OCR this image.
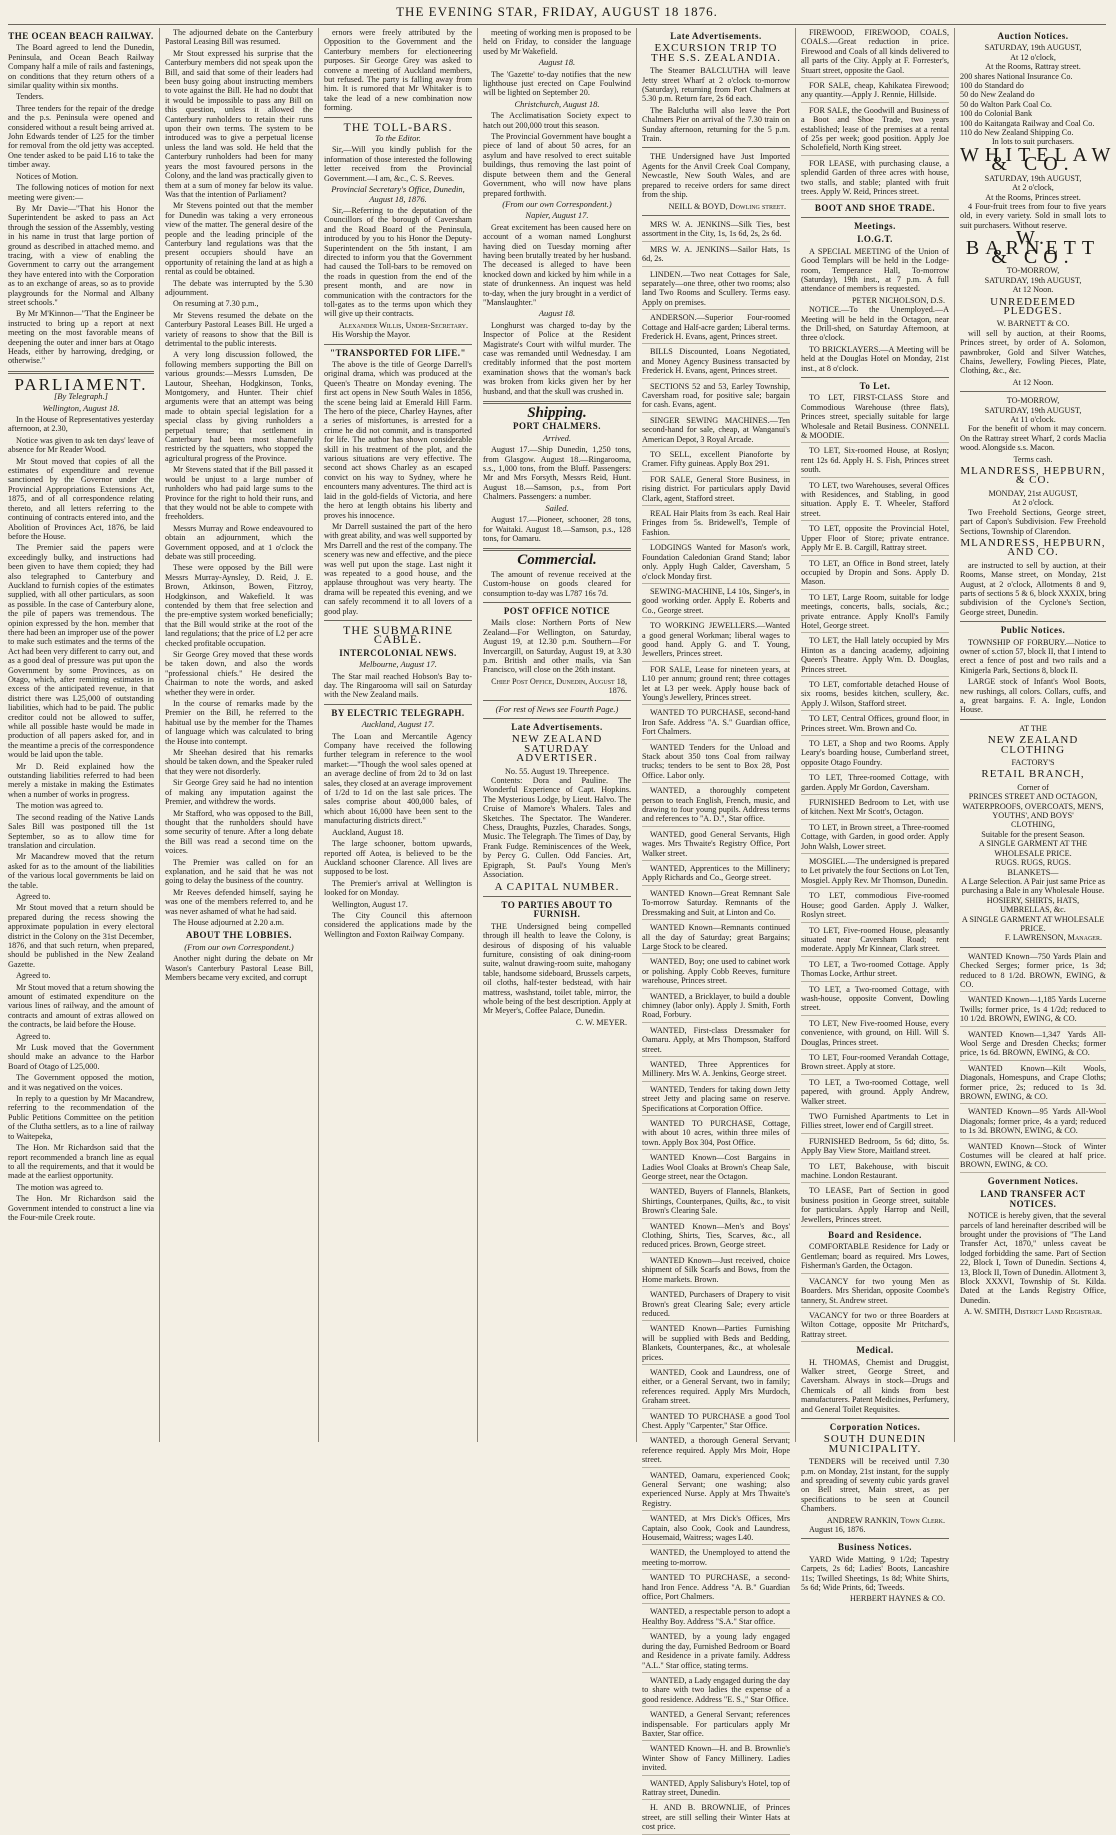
THE EVENING STAR, FRIDAY, AUGUST 18 1876.
THE OCEAN BEACH RAILWAY.

The Board agreed to lend the Dunedin, Peninsula, and Ocean Beach Railway Company half a mile of rails and fastenings, on conditions that they return others of a similar quality within six months.

Tenders.

Three tenders for the repair of the dredge and the p.s. Peninsula were opened and considered without a result being arrived at. John Edwards tender of L25 for the timber for removal from the old jetty was accepted. One tender asked to be paid L16 to take the timber away.

Notices of Motion.

The following notices of motion for next meeting were given:—

By Mr Davie—"That his Honor the Superintendent be asked to pass an Act through the session of the Assembly, vesting in his name in trust that large portion of ground as described in attached memo. and tracing, with a view of enabling the Government to carry out the arrangement they have entered into with the Corporation as to an exchange of areas, so as to provide playgrounds for the Normal and Albany street schools."

By Mr M'Kinnon—"That the Engineer be instructed to bring up a report at next meeting on the most favorable means of deepening the outer and inner bars at Otago Heads, either by harrowing, dredging, or otherwise."

PARLIAMENT.
[By Telegraph.]
Wellington, August 18.

In the House of Representatives yesterday afternoon, at 2.30,

Notice was given to ask ten days' leave of absence for Mr Reader Wood.

Mr Stout moved that copies of all the estimates of expenditure and revenue sanctioned by the Governor under the Provincial Appropriations Extensions Act, 1875, and of all correspondence relating thereto, and all letters referring to the continuing of contracts entered into, and the Abolition of Provinces Act, 1876, be laid before the House.

The Premier said the papers were exceedingly bulky, and instructions had been given to have them copied; they had also telegraphed to Canterbury and Auckland to furnish copies of the estimates supplied, with all other particulars, as soon as possible. In the case of Canterbury alone, the pile of papers was tremendous. The opinion expressed by the hon. member that there had been an improper use of the power to make such estimates and the terms of the Act had been very different to carry out, and as a good deal of pressure was put upon the Government by some Provinces, as on Otago, which, after remitting estimates in excess of the anticipated revenue, in that district there was L25,000 of outstanding liabilities, which had to be paid. The public creditor could not be allowed to suffer, while all possible haste would be made in production of all papers asked for, and in the meantime a precis of the correspondence would be laid upon the table.

Mr D. Reid explained how the outstanding liabilities referred to had been merely a mistake in making the Estimates when a number of works in progress.

The motion was agreed to.

The second reading of the Native Lands Sales Bill was postponed till the 1st September, so as to allow time for translation and circulation.

Mr Macandrew moved that the return asked for as to the amount of the liabilities of the various local governments be laid on the table.

Agreed to.

Mr Stout moved that a return should be prepared during the recess showing the approximate population in every electoral district in the Colony on the 31st December, 1876, and that such return, when prepared, should be published in the New Zealand Gazette.

Agreed to.

Mr Stout moved that a return showing the amount of estimated expenditure on the various lines of railway, and the amount of contracts and amount of extras allowed on the contracts, be laid before the House.

Agreed to.

Mr Lusk moved that the Government should make an advance to the Harbor Board of Otago of L25,000.

The Government opposed the motion, and it was negatived on the voices.

In reply to a question by Mr Macandrew, referring to the recommendation of the Public Petitions Committee on the petition of the Clutha settlers, as to a line of railway to Waitepeka,

The Hon. Mr Richardson said that the report recommended a branch line as equal to all the requirements, and that it would be made at the earliest opportunity.

The motion was agreed to.

The Hon. Mr Richardson said the Government intended to construct a line via the Four-mile Creek route.

The adjourned debate on the Canterbury Pastoral Leasing Bill was resumed.

Mr Stout expressed his surprise that the Canterbury members did not speak upon the Bill, and said that some of their leaders had been busy going about instructing members to vote against the Bill. He had no doubt that it would be impossible to pass any Bill on this question, unless it allowed the Canterbury runholders to retain their runs upon their own terms. The system to be introduced was to give a perpetual license unless the land was sold. He held that the Canterbury runholders had been for many years the most favoured persons in the Colony, and the land was practically given to them at a sum of money far below its value. Was that the intention of Parliament?

Mr Stevens pointed out that the member for Dunedin was taking a very erroneous view of the matter. The general desire of the people and the leading principle of the Canterbury land regulations was that the present occupiers should have an opportunity of retaining the land at as high a rental as could be obtained.

The debate was interrupted by the 5.30 adjournment.

On resuming at 7.30 p.m.,

Mr Stevens resumed the debate on the Canterbury Pastoral Leases Bill. He urged a variety of reasons to show that the Bill is detrimental to the public interests.

A very long discussion followed, the following members supporting the Bill on various grounds:—Messrs Lumsden, De Lautour, Sheehan, Hodgkinson, Tonks, Montgomery, and Hunter. Their chief arguments were that an attempt was being made to obtain special legislation for a special class by giving runholders a perpetual tenure; that settlement in Canterbury had been most shamefully restricted by the squatters, who stopped the agricultural progress of the Province.

Mr Stevens stated that if the Bill passed it would be unjust to a large number of runholders who had paid large sums to the Province for the right to hold their runs, and that they would not be able to compete with freeholders.

Messrs Murray and Rowe endeavoured to obtain an adjournment, which the Government opposed, and at 1 o'clock the debate was still proceeding.

These were opposed by the Bill were Messrs Murray-Aynsley, D. Reid, J. E. Brown, Atkinson, Bowen, Fitzroy, Hodgkinson, and Wakefield. It was contended by them that free selection and the pre-emptive system worked beneficially; that the Bill would strike at the root of the land regulations; that the price of L2 per acre checked profitable occupation.

Sir George Grey moved that these words be taken down, and also the words "professional chiefs." He desired the Chairman to note the words, and asked whether they were in order.

In the course of remarks made by the Premier on the Bill, he referred to the habitual use by the member for the Thames of language which was calculated to bring the House into contempt.

Mr Sheehan desired that his remarks should be taken down, and the Speaker ruled that they were not disorderly.

Sir George Grey said he had no intention of making any imputation against the Premier, and withdrew the words.

Mr Stafford, who was opposed to the Bill, thought that the runholders should have some security of tenure. After a long debate the Bill was read a second time on the voices.

The Premier was called on for an explanation, and he said that he was not going to delay the business of the country.

Mr Reeves defended himself, saying he was one of the members referred to, and he was never ashamed of what he had said.

The House adjourned at 2.20 a.m.

ABOUT THE LOBBIES.
(From our own Correspondent.)

Another night during the debate on Mr Wason's Canterbury Pastoral Lease Bill, Members became very excited, and corrupt

ernors were freely attributed by the Opposition to the Government and the Canterbury members for electioneering purposes. Sir George Grey was asked to convene a meeting of Auckland members, but refused. The party is falling away from him. It is rumored that Mr Whitaker is to take the lead of a new combination now forming.

THE TOLL-BARS.
To the Editor.

Sir,—Will you kindly publish for the information of those interested the following letter received from the Provincial Government.—I am, &c., C. S. Reeves.

Provincial Secretary's Office, Dunedin, August 18, 1876.

Sir,—Referring to the deputation of the Councillors of the borough of Caversham and the Road Board of the Peninsula, introduced by you to his Honor the Deputy-Superintendent on the 5th instant, I am directed to inform you that the Government had caused the Toll-bars to be removed on the roads in question from the end of the present month, and are now in communication with the contractors for the toll-gates as to the terms upon which they will give up their contracts.

Alexander Willis, Under-Secretary.

His Worship the Mayor.

"TRANSPORTED FOR LIFE."

The above is the title of George Darrell's original drama, which was produced at the Queen's Theatre on Monday evening. The first act opens in New South Wales in 1856, the scene being laid at Emerald Hill Farm. The hero of the piece, Charley Haynes, after a series of misfortunes, is arrested for a crime he did not commit, and is transported for life. The author has shown considerable skill in his treatment of the plot, and the various situations are very effective. The second act shows Charley as an escaped convict on his way to Sydney, where he encounters many adventures. The third act is laid in the gold-fields of Victoria, and here the hero at length obtains his liberty and proves his innocence.

Mr Darrell sustained the part of the hero with great ability, and was well supported by Mrs Darrell and the rest of the company. The scenery was new and effective, and the piece was well put upon the stage. Last night it was repeated to a good house, and the applause throughout was very hearty. The drama will be repeated this evening, and we can safely recommend it to all lovers of a good play.

THE SUBMARINE CABLE.
INTERCOLONIAL NEWS.
Melbourne, August 17.

The Star mail reached Hobson's Bay to-day. The Ringarooma will sail on Saturday with the New Zealand mails.

BY ELECTRIC TELEGRAPH.
Auckland, August 17.

The Loan and Mercantile Agency Company have received the following further telegram in reference to the wool market:—"Though the wool sales opened at an average decline of from 2d to 3d on last sales, they closed at an average improvement of 1/2d to 1d on the last sale prices. The sales comprise about 400,000 bales, of which about 16,000 have been sent to the manufacturing districts direct."

Auckland, August 18.

The large schooner, bottom upwards, reported off Aotea, is believed to be the Auckland schooner Clarence. All lives are supposed to be lost.

The Premier's arrival at Wellington is looked for on Monday.

Wellington, August 17.

The City Council this afternoon considered the applications made by the Wellington and Foxton Railway Company.

meeting of working men is proposed to be held on Friday, to consider the language used by Mr Wakefield.

August 18.

The 'Gazette' to-day notifies that the new lighthouse just erected on Cape Foulwind will be lighted on September 20.

Christchurch, August 18.

The Acclimatisation Society expect to hatch out 200,000 trout this season.

The Provincial Government have bought a piece of land of about 50 acres, for an asylum and have resolved to erect suitable buildings, thus removing the last point of dispute between them and the General Government, who will now have plans prepared forthwith.

(From our own Correspondent.)
Napier, August 17.

Great excitement has been caused here on account of a woman named Longhurst having died on Tuesday morning after having been brutally treated by her husband. The deceased is alleged to have been knocked down and kicked by him while in a state of drunkenness. An inquest was held to-day, when the jury brought in a verdict of "Manslaughter."

August 18.

Longhurst was charged to-day by the Inspector of Police at the Resident Magistrate's Court with wilful murder. The case was remanded until Wednesday. I am creditably informed that the post mortem examination shows that the woman's back was broken from kicks given her by her husband, and that the skull was crushed in.

Shipping.
PORT CHALMERS.
Arrived.

August 17.—Ship Dunedin, 1,250 tons, from Glasgow. August 18.—Ringarooma, s.s., 1,000 tons, from the Bluff. Passengers: Mr and Mrs Forsyth, Messrs Reid, Hunt. August 18.—Samson, p.s., from Port Chalmers. Passengers: a number.

Sailed.

August 17.—Pioneer, schooner, 28 tons, for Waitaki. August 18.—Samson, p.s., 128 tons, for Oamaru.

Commercial.

The amount of revenue received at the Custom-house on goods cleared for consumption to-day was L787 16s 7d.

POST OFFICE NOTICE

Mails close: Northern Ports of New Zealand—For Wellington, on Saturday, August 19, at 12.30 p.m. Southern—For Invercargill, on Saturday, August 19, at 3.30 p.m. British and other mails, via San Francisco, will close on the 26th instant.

Chief Post Office, Dunedin, August 18, 1876.
(For rest of News see Fourth Page.)
Late Advertisements.
NEW ZEALAND SATURDAY ADVERTISER.
No. 55. August 19. Threepence.

Contents: Dora and Pauline. The Wonderful Experience of Capt. Hopkins. The Mysterious Lodge, by Lieut. Halvo. The Cruise of Mamore's Whalers. Tales and Sketches. The Spectator. The Wanderer. Chess, Draughts, Puzzles, Charades. Songs, Music. The Telegraph. The Times of Day, by Frank Fudge. Reminiscences of the Week, by Percy G. Cullen. Odd Fancies. Art, Epigraph, St. Paul's Young Men's Association.

A CAPITAL NUMBER.
TO PARTIES ABOUT TO FURNISH.

THE Undersigned being compelled through ill health to leave the Colony, is desirous of disposing of his valuable furniture, consisting of oak dining-room suite, walnut drawing-room suite, mahogany table, handsome sideboard, Brussels carpets, oil cloths, half-tester bedstead, with hair mattress, washstand, toilet table, mirror, the whole being of the best description. Apply at Mr Meyer's, Coffee Palace, Dunedin.

C. W. MEYER.
Late Advertisements.
EXCURSION TRIP TO THE S.S. ZEALANDIA.

The Steamer BALCLUTHA will leave Jetty street Wharf at 2 o'clock to-morrow (Saturday), returning from Port Chalmers at 5.30 p.m. Return fare, 2s 6d each.

The Balclutha will also leave the Port Chalmers Pier on arrival of the 7.30 train on Sunday afternoon, returning for the 5 p.m. Train.

THE Undersigned have Just Imported Agents for the Anvil Creek Coal Company, Newcastle, New South Wales, and are prepared to receive orders for same direct from the ship.

NEILL & BOYD, Dowling street.

MRS W. A. JENKINS—Silk Ties, best assortment in the City, 1s, 1s 6d, 2s, 2s 6d.

MRS W. A. JENKINS—Sailor Hats, 1s 6d, 2s.

LINDEN.—Two neat Cottages for Sale, separately—one three, other two rooms; also land Two Rooms and Scullery. Terms easy. Apply on premises.

ANDERSON.—Superior Four-roomed Cottage and Half-acre garden; Liberal terms. Frederick H. Evans, agent, Princes street.

BILLS Discounted, Loans Negotiated, and Money Agency Business transacted by Frederick H. Evans, agent, Princes street.

SECTIONS 52 and 53, Earley Township, Caversham road, for positive sale; bargain for cash. Evans, agent.

SINGER SEWING MACHINES.—Ten second-hand for sale, cheap, at Wanganui's American Depot, 3 Royal Arcade.

TO SELL, excellent Pianoforte by Cramer. Fifty guineas. Apply Box 291.

FOR SALE, General Store Business, in rising district. For particulars apply David Clark, agent, Stafford street.

REAL Hair Plaits from 3s each. Real Hair Fringes from 5s. Bridewell's, Temple of Fashion.

LODGINGS Wanted for Mason's work, Foundation Caledonian Grand Stand; labor only. Apply Hugh Calder, Caversham, 5 o'clock Monday first.

SEWING-MACHINE, L4 10s, Singer's, in good working order. Apply E. Roberts and Co., George street.

TO WORKING JEWELLERS.—Wanted a good general Workman; liberal wages to good hand. Apply G. and T. Young, Jewellers, Princes street.

FOR SALE, Lease for nineteen years, at L10 per annum; ground rent; three cottages let at L3 per week. Apply house back of Young's Jewellery, Princes street.

WANTED TO PURCHASE, second-hand Iron Safe. Address "A. S." Guardian office, Fort Chalmers.

WANTED Tenders for the Unload and Stack about 350 tons Coal from railway trucks; tenders to be sent to Box 28, Post Office. Labor only.

WANTED, a thoroughly competent person to teach English, French, music, and drawing to four young pupils. Address terms and references to "A. D.", Star office.

WANTED, good General Servants, High wages. Mrs Thwaite's Registry Office, Port Walker street.

WANTED, Apprentices to the Millinery; Apply Richards and Co., George street.

WANTED Known—Great Remnant Sale To-morrow Saturday. Remnants of the Dressmaking and Suit, at Linton and Co.

WANTED Known—Remnants continued all the day of Saturday; great Bargains; Large Stock to be cleared.

WANTED, Boy; one used to cabinet work or polishing. Apply Cobb Reeves, furniture warehouse, Princes street.

WANTED, a Bricklayer, to build a double chimney (labor only). Apply J. Smith, Forth Road, Forbury.

WANTED, First-class Dressmaker for Oamaru. Apply, at Mrs Thompson, Stafford street.

WANTED, Three Apprentices for Millinery. Mrs W. A. Jenkins, George street.

WANTED, Tenders for taking down Jetty street Jetty and placing same on reserve. Specifications at Corporation Office.

WANTED TO PURCHASE, Cottage, with about 10 acres, within three miles of town. Apply Box 304, Post Office.

WANTED Known—Cost Bargains in Ladies Wool Cloaks at Brown's Cheap Sale, George street, near the Octagon.

WANTED, Buyers of Flannels, Blankets, Shirtings, Counterpanes, Quilts, &c., to visit Brown's Clearing Sale.

WANTED Known—Men's and Boys' Clothing, Shirts, Ties, Scarves, &c., all reduced prices. Brown, George street.

WANTED Known—Just received, choice shipment of Silk Scarfs and Bows, from the Home markets. Brown.

WANTED, Purchasers of Drapery to visit Brown's great Clearing Sale; every article reduced.

WANTED Known—Parties Furnishing will be supplied with Beds and Bedding, Blankets, Counterpanes, &c., at wholesale prices.

WANTED, Cook and Laundress, one of either, or a General Servant, two in family; references required. Apply Mrs Murdoch, Graham street.

WANTED TO PURCHASE a good Tool Chest. Apply "Carpenter," Star Office.

WANTED, a thorough General Servant; reference required. Apply Mrs Moir, Hope street.

WANTED, Oamaru, experienced Cook; General Servant; one washing; also experienced Nurse. Apply at Mrs Thwaite's Registry.

WANTED, at Mrs Dick's Offices, Mrs Captain, also Cook, Cook and Laundress, Housemaid, Waitress; wages L40.

WANTED, the Unemployed to attend the meeting to-morrow.

WANTED TO PURCHASE, a second-hand Iron Fence. Address "A. B." Guardian office, Port Chalmers.

WANTED, a respectable person to adopt a Healthy Boy. Address "S.A." Star office.

WANTED, by a young lady engaged during the day, Furnished Bedroom or Board and Residence in a private family. Address "A.L." Star office, stating terms.

WANTED, a Lady engaged during the day to share with two ladies the expense of a good residence. Address "E. S.," Star Office.

WANTED, a General Servant; references indispensable. For particulars apply Mr Baxter, Star office.

WANTED Known—H. and B. Brownlie's Winter Show of Fancy Millinery. Ladies invited.

WANTED, Apply Salisbury's Hotel, top of Rattray street, Dunedin.

H. AND B. BROWNLIE, of Princes street, are still selling their Winter Hats at cost price.

FIREWOOD, FIREWOOD, COALS, COALS.—Great reduction in price. Firewood and Coals of all kinds delivered to all parts of the City. Apply at F. Forrester's, Stuart street, opposite the Gaol.

FOR SALE, cheap, Kahikatea Firewood; any quantity.—Apply J. Rennie, Hillside.

FOR SALE, the Goodwill and Business of a Boot and Shoe Trade, two years established; lease of the premises at a rental of 25s per week; good position. Apply Joe Scholefield, North King street.

FOR LEASE, with purchasing clause, a splendid Garden of three acres with house, two stalls, and stable; planted with fruit trees. Apply W. Reid, Princes street.

BOOT AND SHOE TRADE.
Meetings.
I.O.G.T.

A SPECIAL MEETING of the Union of Good Templars will be held in the Lodge-room, Temperance Hall, To-morrow (Saturday), 19th inst., at 7 p.m. A full attendance of members is requested.

PETER NICHOLSON, D.S.

NOTICE.—To the Unemployed.—A Meeting will be held in the Octagon, near the Drill-shed, on Saturday Afternoon, at three o'clock.

TO BRICKLAYERS.—A Meeting will be held at the Douglas Hotel on Monday, 21st inst., at 8 o'clock.

To Let.

TO LET, FIRST-CLASS Store and Commodious Warehouse (three flats), Princes street, specially suitable for large Wholesale and Retail Business. CONNELL & MOODIE.

TO LET, Six-roomed House, at Roslyn; rent 12s 6d. Apply H. S. Fish, Princes street south.

TO LET, two Warehouses, several Offices with Residences, and Stabling, in good situation. Apply E. T. Wheeler, Stafford street.

TO LET, opposite the Provincial Hotel, Upper Floor of Store; private entrance. Apply Mr E. B. Cargill, Rattray street.

TO LET, an Office in Bond street, lately occupied by Dropin and Sons. Apply D. Mason.

TO LET, Large Room, suitable for lodge meetings, concerts, balls, socials, &c.; private entrance. Apply Knoll's Family Hotel, George street.

TO LET, the Hall lately occupied by Mrs Hinton as a dancing academy, adjoining Queen's Theatre. Apply Wm. D. Douglas, Princes street.

TO LET, comfortable detached House of six rooms, besides kitchen, scullery, &c. Apply J. Wilson, Stafford street.

TO LET, Central Offices, ground floor, in Princes street. Wm. Brown and Co.

TO LET, a Shop and two Rooms. Apply Leary's boarding house, Cumberland street, opposite Otago Foundry.

TO LET, Three-roomed Cottage, with garden. Apply Mr Gordon, Caversham.

FURNISHED Bedroom to Let, with use of kitchen. Next Mr Scott's, Octagon.

TO LET, in Brown street, a Three-roomed Cottage, with Garden, in good order. Apply John Walsh, Lower street.

MOSGIEL.—The undersigned is prepared to Let privately the four Sections on Lot Ten, Mosgiel. Apply Rev. Mr Thomson, Dunedin.

TO LET, commodious Five-roomed House; good Garden. Apply J. Walker, Roslyn street.

TO LET, Five-roomed House, pleasantly situated near Caversham Road; rent moderate. Apply Mr Kinnear, Clark street.

TO LET, a Two-roomed Cottage. Apply Thomas Locke, Arthur street.

TO LET, a Two-roomed Cottage, with wash-house, opposite Convent, Dowling street.

TO LET, New Five-roomed House, every convenience, with ground, on Hill. Will S. Douglas, Princes street.

TO LET, Four-roomed Verandah Cottage, Brown street. Apply at store.

TO LET, a Two-roomed Cottage, well papered, with ground. Apply Andrew, Walker street.

TWO Furnished Apartments to Let in Fillies street, lower end of Cargill street.

FURNISHED Bedroom, 5s 6d; ditto, 5s. Apply Bay View Store, Maitland street.

TO LET, Bakehouse, with biscuit machine. London Restaurant.

TO LEASE, Part of Section in good business position in George street, suitable for particulars. Apply Harrop and Neill, Jewellers, Princes street.

Board and Residence.

COMFORTABLE Residence for Lady or Gentleman; board as required. Mrs Lowes, Fisherman's Garden, the Octagon.

VACANCY for two young Men as Boarders. Mrs Sheridan, opposite Coombe's tannery, St. Andrew street.

VACANCY for two or three Boarders at Wilton Cottage, opposite Mr Pritchard's, Rattray street.

Medical.

H. THOMAS, Chemist and Druggist, Walker street, George Street, and Caversham. Always in stock—Drugs and Chemicals of all kinds from best manufacturers. Patent Medicines, Perfumery, and General Toilet Requisites.

Corporation Notices.
SOUTH DUNEDIN MUNICIPALITY.

TENDERS will be received until 7.30 p.m. on Monday, 21st instant, for the supply and spreading of seventy cubic yards gravel on Bell street, Main street, as per specifications to be seen at Council Chambers.

ANDREW RANKIN, Town Clerk.

August 16, 1876.

Business Notices.

YARD Wide Matting, 9 1/2d; Tapestry Carpets, 2s 6d; Ladies' Boots, Lancashire 11s; Twilled Sheetings, 1s 8d; White Shirts, 5s 6d; Wide Prints, 6d; Tweeds.

HERBERT HAYNES & CO.
Auction Notices.
SATURDAY, 19th AUGUST,
At 12 o'clock,
At the Rooms, Rattray street.
200 shares National Insurance Co.
100 do Standard do
50 do New Zealand do
50 do Walton Park Coal Co.
100 do Colonial Bank
100 do Kaitangata Railway and Coal Co.
110 do New Zealand Shipping Co.
In lots to suit purchasers.
WHITELAW & CO.
SATURDAY, 19th AUGUST,
At 2 o'clock,
At the Rooms, Princes street.

4 Four-fruit trees from four to five years old, in every variety. Sold in small lots to suit purchasers. Without reserve.

W. BARNETT & CO.
TO-MORROW,
SATURDAY, 19th AUGUST,
At 12 Noon.
UNREDEEMED PLEDGES.
W. BARNETT & CO.

will sell by auction, at their Rooms, Princes street, by order of A. Solomon, pawnbroker, Gold and Silver Watches, Chains, Jewellery, Fowling Pieces, Plate, Clothing, &c., &c.

At 12 Noon.
TO-MORROW,
SATURDAY, 19th AUGUST,
At 11 o'clock.

For the benefit of whom it may concern. On the Rattray street Wharf, 2 cords Maclia wood. Alongside s.s. Macon.

Terms cash.
MLANDRESS, HEPBURN, & CO.
MONDAY, 21st AUGUST,
At 2 o'clock.

Two Freehold Sections, George street, part of Capon's Subdivision. Few Freehold Sections, Township of Clarendon.

MLANDRESS, HEPBURN, AND CO.

are instructed to sell by auction, at their Rooms, Manse street, on Monday, 21st August, at 2 o'clock, Allotments 8 and 9, parts of sections 5 & 6, block XXXIX, bring subdivision of the Cyclone's Section, George street, Dunedin.

Public Notices.

TOWNSHIP OF FORBURY.—Notice to owner of s.ction 57, block II, that I intend to erect a fence of post and two rails and a Kinigerla Park, Sections 8, block II.

LARGE stock of Infant's Wool Boots, new rushings, all colors. Collars, cuffs, and a, great bargains. F. A. Ingle, London House.

AT THE
NEW ZEALAND CLOTHING
FACTORY'S
RETAIL BRANCH,
Corner of
PRINCES STREET AND OCTAGON,
WATERPROOFS, OVERCOATS, MEN'S, YOUTHS', AND BOYS'
CLOTHING,
Suitable for the present Season.
A SINGLE GARMENT AT THE WHOLESALE PRICE.
RUGS. RUGS, RUGS.
BLANKETS—
A Large Selection. A Pair just same Price as purchasing a Bale in any Wholesale House.
HOSIERY, SHIRTS, HATS, UMBRELLAS, &c.
A SINGLE GARMENT AT WHOLESALE PRICE.
F. LAWRENSON, Manager.

WANTED Known—750 Yards Plain and Checked Serges; former price, 1s 3d; reduced to 8 1/2d. BROWN, EWING, & CO.

WANTED Known—1,185 Yards Lucerne Twills; former price, 1s 4 1/2d; reduced to 10 1/2d. BROWN, EWING, & CO.

WANTED Known—1,347 Yards All-Wool Serge and Dresden Checks; former price, 1s 6d. BROWN, EWING, & CO.

WANTED Known—Kilt Wools, Diagonals, Homespuns, and Crape Cloths; former price, 2s; reduced to 1s 3d. BROWN, EWING, & CO.

WANTED Known—95 Yards All-Wool Diagonals; former price, 4s a yard; reduced to 1s 3d. BROWN, EWING, & CO.

WANTED Known—Stock of Winter Costumes will be cleared at half price. BROWN, EWING, & CO.

Government Notices.
LAND TRANSFER ACT NOTICES.

NOTICE is hereby given, that the several parcels of land hereinafter described will be brought under the provisions of "The Land Transfer Act, 1870," unless caveat be lodged forbidding the same. Part of Section 22, Block I, Town of Dunedin. Sections 4, 13, Block II, Town of Dunedin. Allotment 3, Block XXXVI, Township of St. Kilda. Dated at the Lands Registry Office, Dunedin.

A. W. SMITH, District Land Registrar.
